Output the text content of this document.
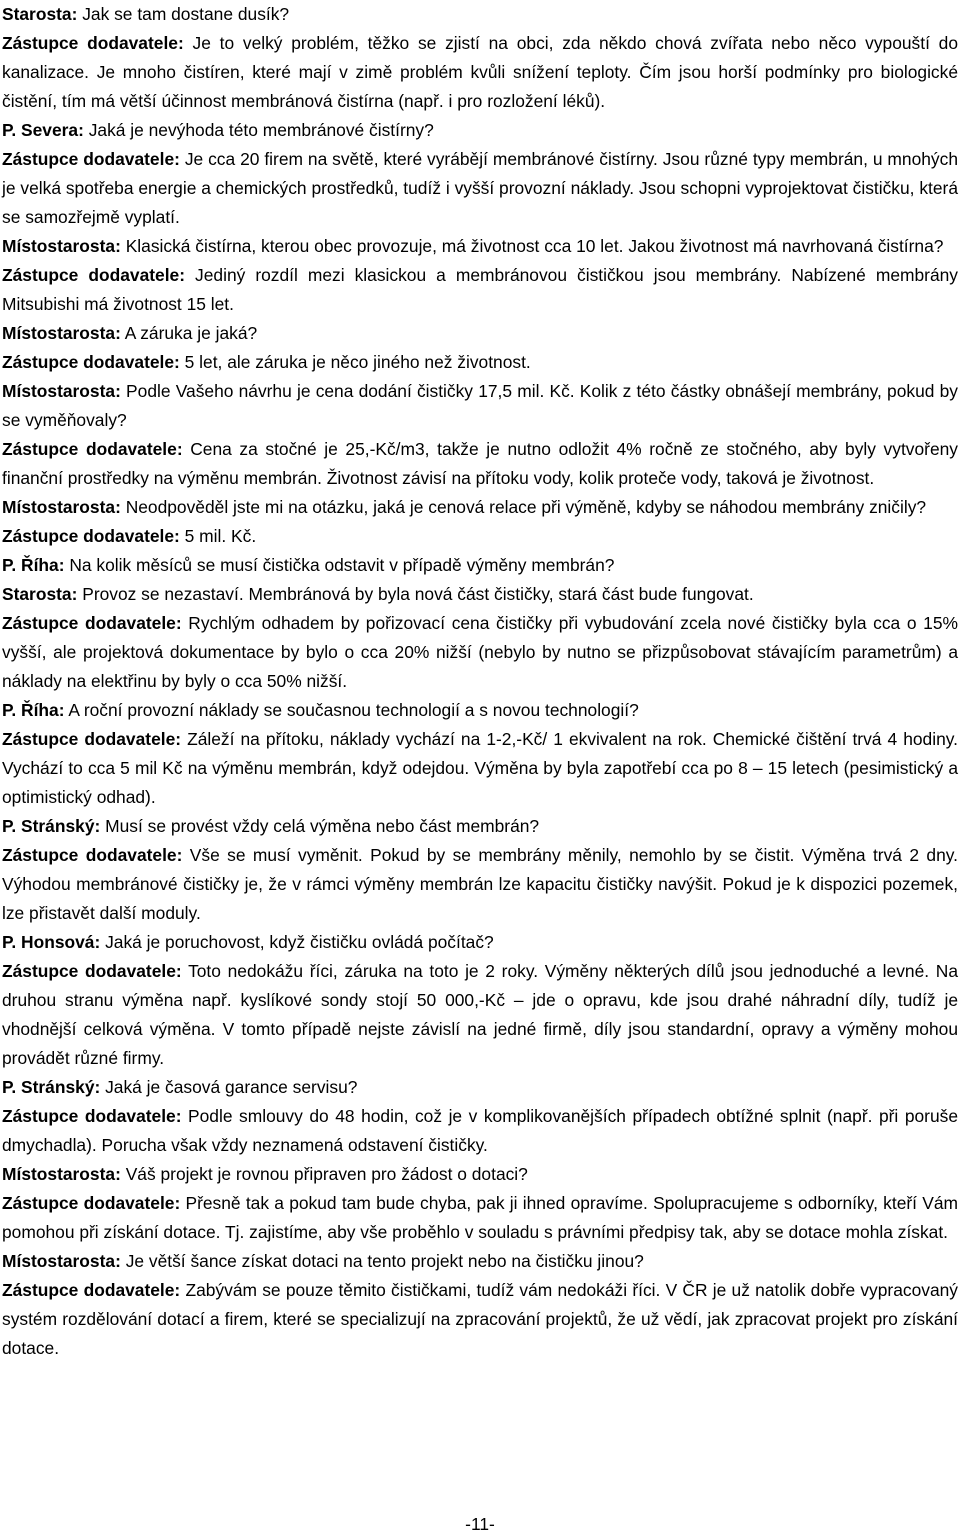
Starosta: Jak se tam dostane dusík?

Zástupce dodavatele: Je to velký problém, těžko se zjistí na obci, zda někdo chová zvířata nebo něco vypouští do kanalizace. Je mnoho čistíren, které mají v zimě problém kvůli snížení teploty. Čím jsou horší podmínky pro biologické čistění, tím má větší účinnost membránová čistírna (např. i pro rozložení léků).

P. Severa: Jaká je nevýhoda této membránové čistírny?

Zástupce dodavatele: Je cca 20 firem na světě, které vyrábějí membránové čistírny. Jsou různé typy membrán, u mnohých je velká spotřeba energie a chemických prostředků, tudíž i vyšší provozní náklady. Jsou schopni vyprojektovat čističku, která se samozřejmě vyplatí.

Místostarosta: Klasická čistírna, kterou obec provozuje, má životnost cca 10 let. Jakou životnost má navrhovaná čistírna?

Zástupce dodavatele: Jediný rozdíl mezi klasickou a membránovou čističkou jsou membrány. Nabízené membrány Mitsubishi má životnost 15 let.

Místostarosta: A záruka je jaká?

Zástupce dodavatele: 5 let, ale záruka je něco jiného než životnost.

Místostarosta: Podle Vašeho návrhu je cena dodání čističky 17,5 mil. Kč. Kolik z této částky obnášejí membrány, pokud by se vyměňovaly?

Zástupce dodavatele: Cena za stočné je 25,-Kč/m3, takže je nutno odložit 4% ročně ze stočného, aby byly vytvořeny finanční prostředky na výměnu membrán. Životnost závisí na přítoku vody, kolik proteče vody, taková je životnost.

Místostarosta: Neodpověděl jste mi na otázku, jaká je cenová relace při výměně, kdyby se náhodou membrány zničily?

Zástupce dodavatele: 5 mil. Kč.

P. Říha: Na kolik měsíců se musí čistička odstavit v případě výměny membrán?

Starosta: Provoz se nezastaví. Membránová by byla nová část čističky, stará část bude fungovat.

Zástupce dodavatele: Rychlým odhadem by pořizovací cena čističky při vybudování zcela nové čističky byla cca o 15% vyšší, ale projektová dokumentace by bylo o cca 20% nižší (nebylo by nutno se přizpůsobovat stávajícím parametrům) a náklady na elektřinu by byly o cca 50% nižší.

P. Říha: A roční provozní náklady se současnou technologií a s novou technologií?

Zástupce dodavatele: Záleží na přítoku, náklady vychází na 1-2,-Kč/ 1 ekvivalent na rok. Chemické čištění trvá 4 hodiny. Vychází to cca 5 mil Kč na výměnu membrán, když odejdou. Výměna by byla zapotřebí cca po 8 – 15 letech (pesimistický a optimistický odhad).

P. Stránský: Musí se provést vždy celá výměna nebo část membrán?

Zástupce dodavatele: Vše se musí vyměnit. Pokud by se membrány měnily, nemohlo by se čistit. Výměna trvá 2 dny. Výhodou membránové čističky je, že v rámci výměny membrán lze kapacitu čističky navýšit. Pokud je k dispozici pozemek, lze přistavět další moduly.

P. Honsová: Jaká je poruchovost, když čističku ovládá počítač?

Zástupce dodavatele: Toto nedokážu říci, záruka na toto je 2 roky. Výměny některých dílů jsou jednoduché a levné. Na druhou stranu výměna např. kyslíkové sondy stojí 50 000,-Kč – jde o opravu, kde jsou drahé náhradní díly, tudíž je vhodnější celková výměna. V tomto případě nejste závislí na jedné firmě, díly jsou standardní, opravy a výměny mohou provádět různé firmy.

P. Stránský: Jaká je časová garance servisu?

Zástupce dodavatele: Podle smlouvy do 48 hodin, což je v komplikovanějších případech obtížné splnit (např. při poruše dmychadla). Porucha však vždy neznamená odstavení čističky.

Místostarosta: Váš projekt je rovnou připraven pro žádost o dotaci?

Zástupce dodavatele: Přesně tak a pokud tam bude chyba, pak ji ihned opravíme. Spolupracujeme s odborníky, kteří Vám pomohou při získání dotace. Tj. zajistíme, aby vše proběhlo v souladu s právními předpisy tak, aby se dotace mohla získat.

Místostarosta: Je větší šance získat dotaci na tento projekt nebo na čističku jinou?

Zástupce dodavatele: Zabývám se pouze těmito čističkami, tudíž vám nedokáži říci. V ČR je už natolik dobře vypracovaný systém rozdělování dotací a firem, které se specializují na zpracování projektů, že už vědí, jak zpracovat projekt pro získání dotace.

-11-
